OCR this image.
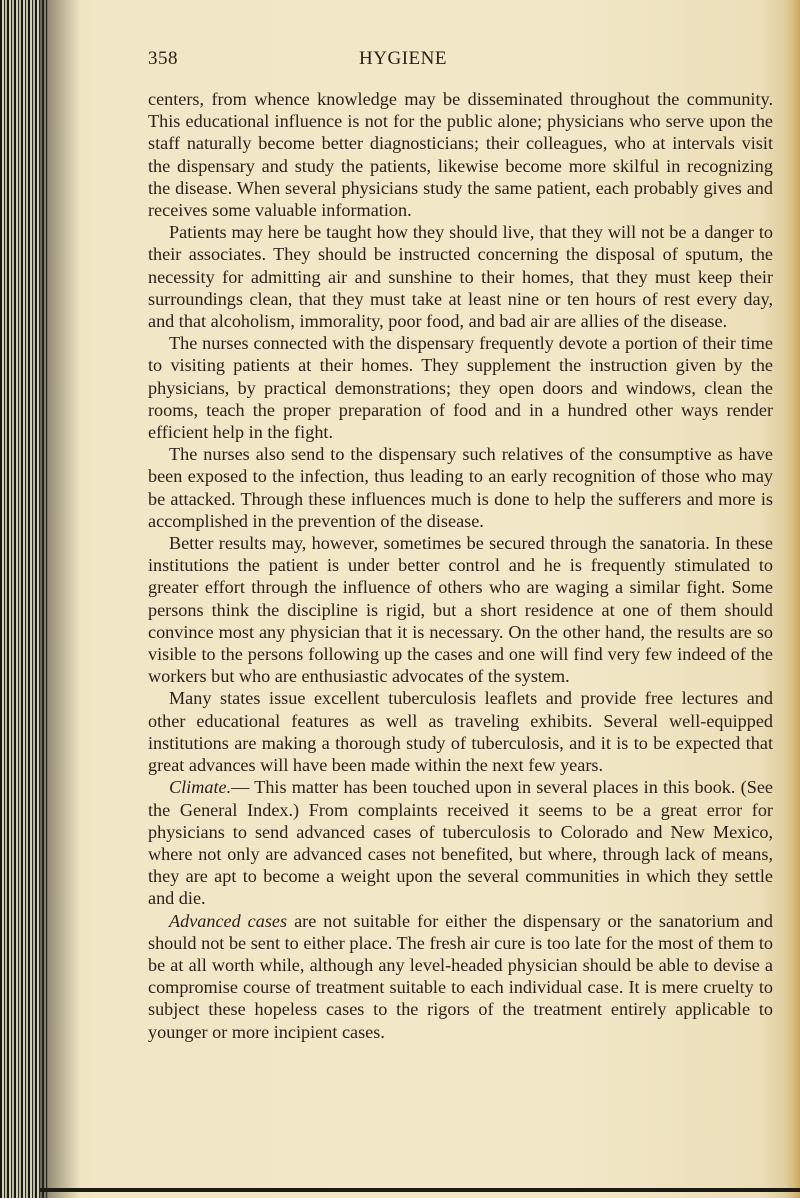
358	HYGIENE

centers, from whence knowledge may be disseminated throughout the community. This educational influence is not for the public alone; physicians who serve upon the staff naturally become better diagnosticians; their colleagues, who at intervals visit the dispensary and study the patients, likewise become more skilful in recognizing the disease. When several physicians study the same patient, each probably gives and receives some valuable information.

Patients may here be taught how they should live, that they will not be a danger to their associates. They should be instructed concerning the disposal of sputum, the necessity for admitting air and sunshine to their homes, that they must keep their surroundings clean, that they must take at least nine or ten hours of rest every day, and that alcoholism, immorality, poor food, and bad air are allies of the disease.

The nurses connected with the dispensary frequently devote a portion of their time to visiting patients at their homes. They supplement the instruction given by the physicians, by practical demonstrations; they open doors and windows, clean the rooms, teach the proper preparation of food and in a hundred other ways render efficient help in the fight.

The nurses also send to the dispensary such relatives of the consumptive as have been exposed to the infection, thus leading to an early recognition of those who may be attacked. Through these influences much is done to help the sufferers and more is accomplished in the prevention of the disease.

Better results may, however, sometimes be secured through the sanatoria. In these institutions the patient is under better control and he is frequently stimulated to greater effort through the influence of others who are waging a similar fight. Some persons think the discipline is rigid, but a short residence at one of them should convince most any physician that it is necessary. On the other hand, the results are so visible to the persons following up the cases and one will find very few indeed of the workers but who are enthusiastic advocates of the system.

Many states issue excellent tuberculosis leaflets and provide free lectures and other educational features as well as traveling exhibits. Several well-equipped institutions are making a thorough study of tuberculosis, and it is to be expected that great advances will have been made within the next few years.

Climate.— This matter has been touched upon in several places in this book. (See the General Index.) From complaints received it seems to be a great error for physicians to send advanced cases of tuberculosis to Colorado and New Mexico, where not only are advanced cases not benefited, but where, through lack of means, they are apt to become a weight upon the several communities in which they settle and die.

Advanced cases are not suitable for either the dispensary or the sanatorium and should not be sent to either place. The fresh air cure is too late for the most of them to be at all worth while, although any level-headed physician should be able to devise a compromise course of treatment suitable to each individual case. It is mere cruelty to subject these hopeless cases to the rigors of the treatment entirely applicable to younger or more incipient cases.
